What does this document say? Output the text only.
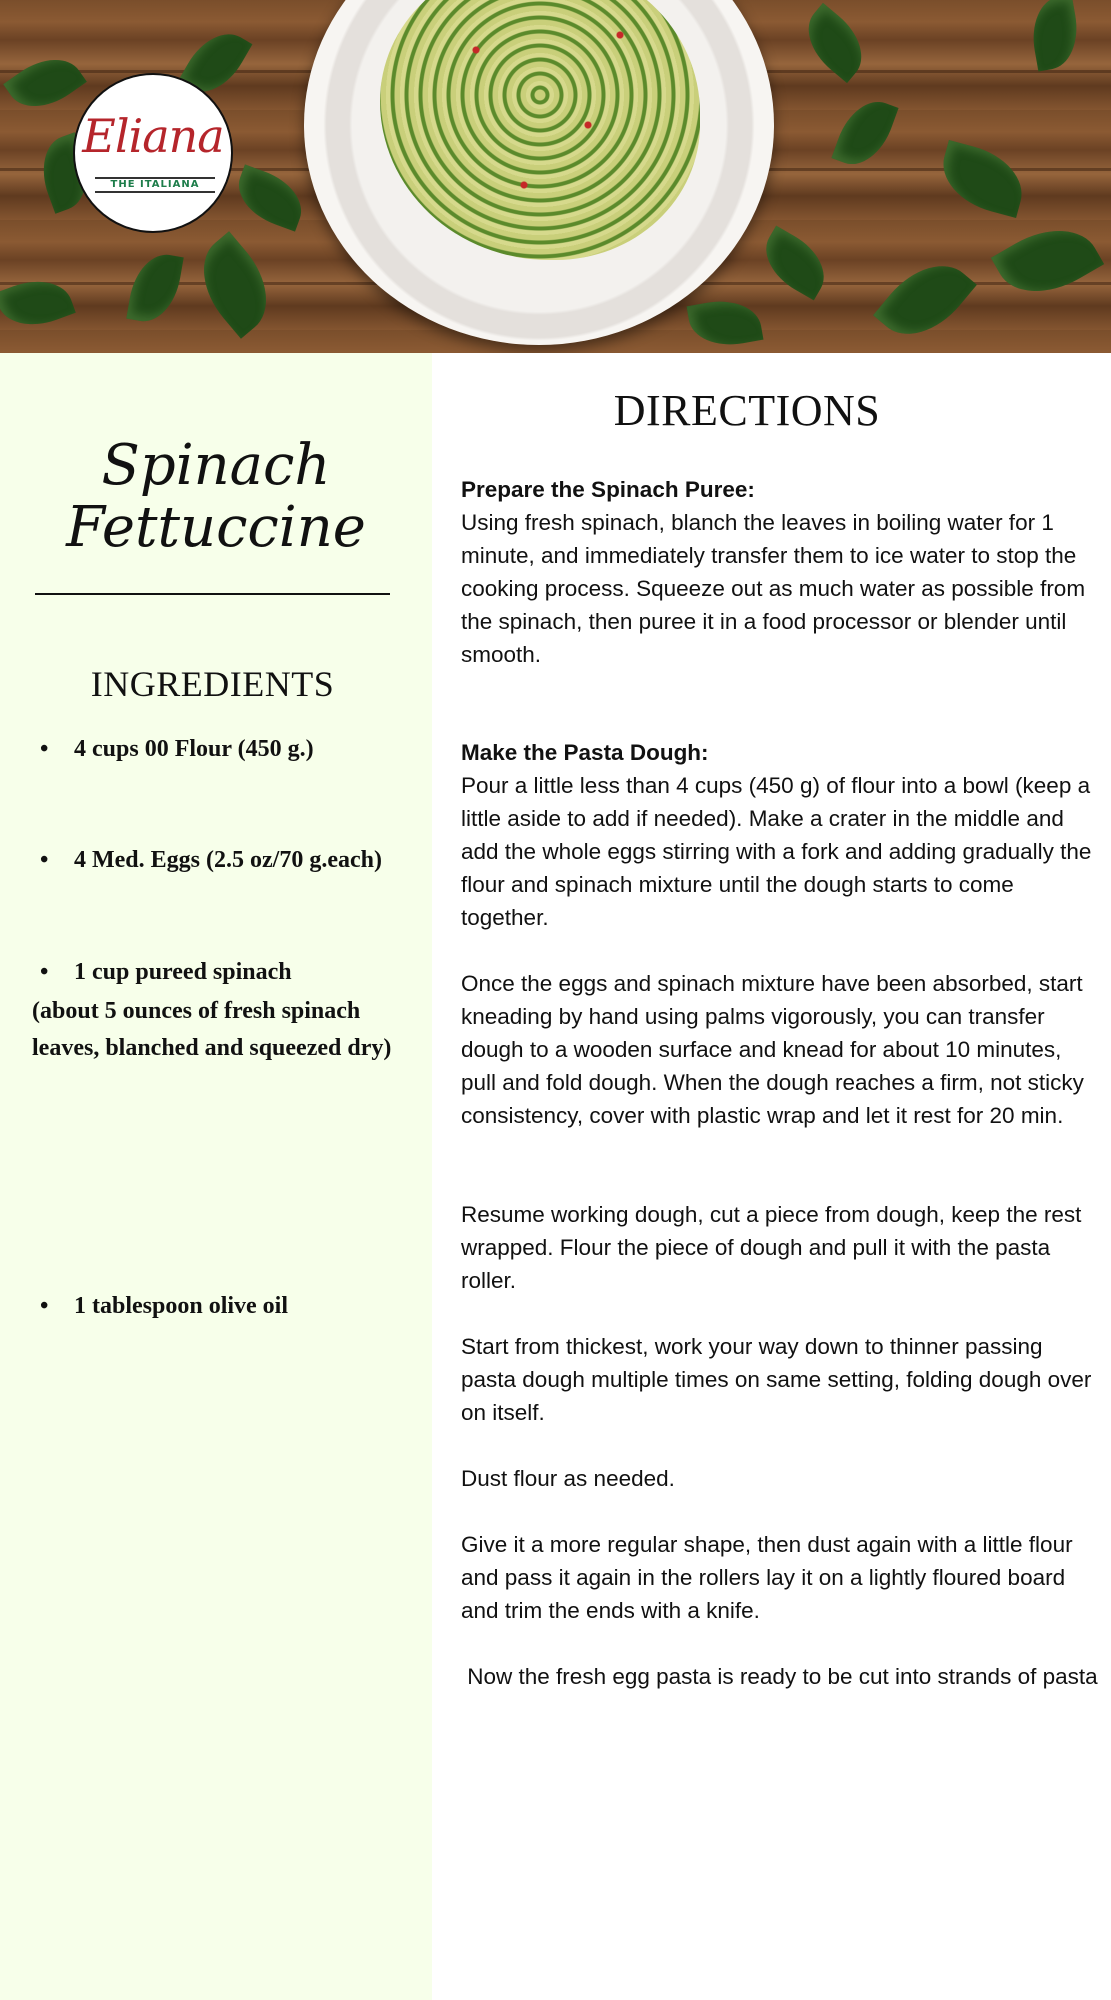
Eliana
THE ITALIANA
Spinach
Fettuccine
INGREDIENTS
• 4 cups 00 Flour (450 g.)
• 4 Med. Eggs (2.5 oz/70 g.each)
• 1 cup pureed spinach
• 1 tablespoon olive oil
(about 5 ounces of fresh spinach leaves, blanched and squeezed dry)
DIRECTIONS
Prepare the Spinach Puree:
Using fresh spinach, blanch the leaves in boiling water for 1 minute, and immediately transfer them to ice water to stop the cooking process. Squeeze out as much water as possible from the spinach, then puree it in a food processor or blender until smooth.
Make the Pasta Dough:
Pour a little less than 4 cups (450 g) of flour into a bowl (keep a little aside to add if needed). Make a crater in the middle and add the whole eggs stirring with a fork and adding gradually the flour and spinach mixture until the dough starts to come together.

Once the eggs and spinach mixture have been absorbed, start kneading by hand using palms vigorously, you can transfer dough to a wooden surface and knead for about 10 minutes, pull and fold dough. When the dough reaches a firm, not sticky consistency, cover with plastic wrap and let it rest for 20 min.

Resume working dough, cut a piece from dough, keep the rest wrapped. Flour the piece of dough and pull it with the pasta roller.

Start from thickest, work your way down to thinner passing pasta dough multiple times on same setting, folding dough over on itself.

Dust flour as needed.

Give it a more regular shape, then dust again with a little flour and pass it again in the rollers lay it on a lightly floured board and trim the ends with a knife.

Now the fresh egg pasta is ready to be cut into strands of pasta
